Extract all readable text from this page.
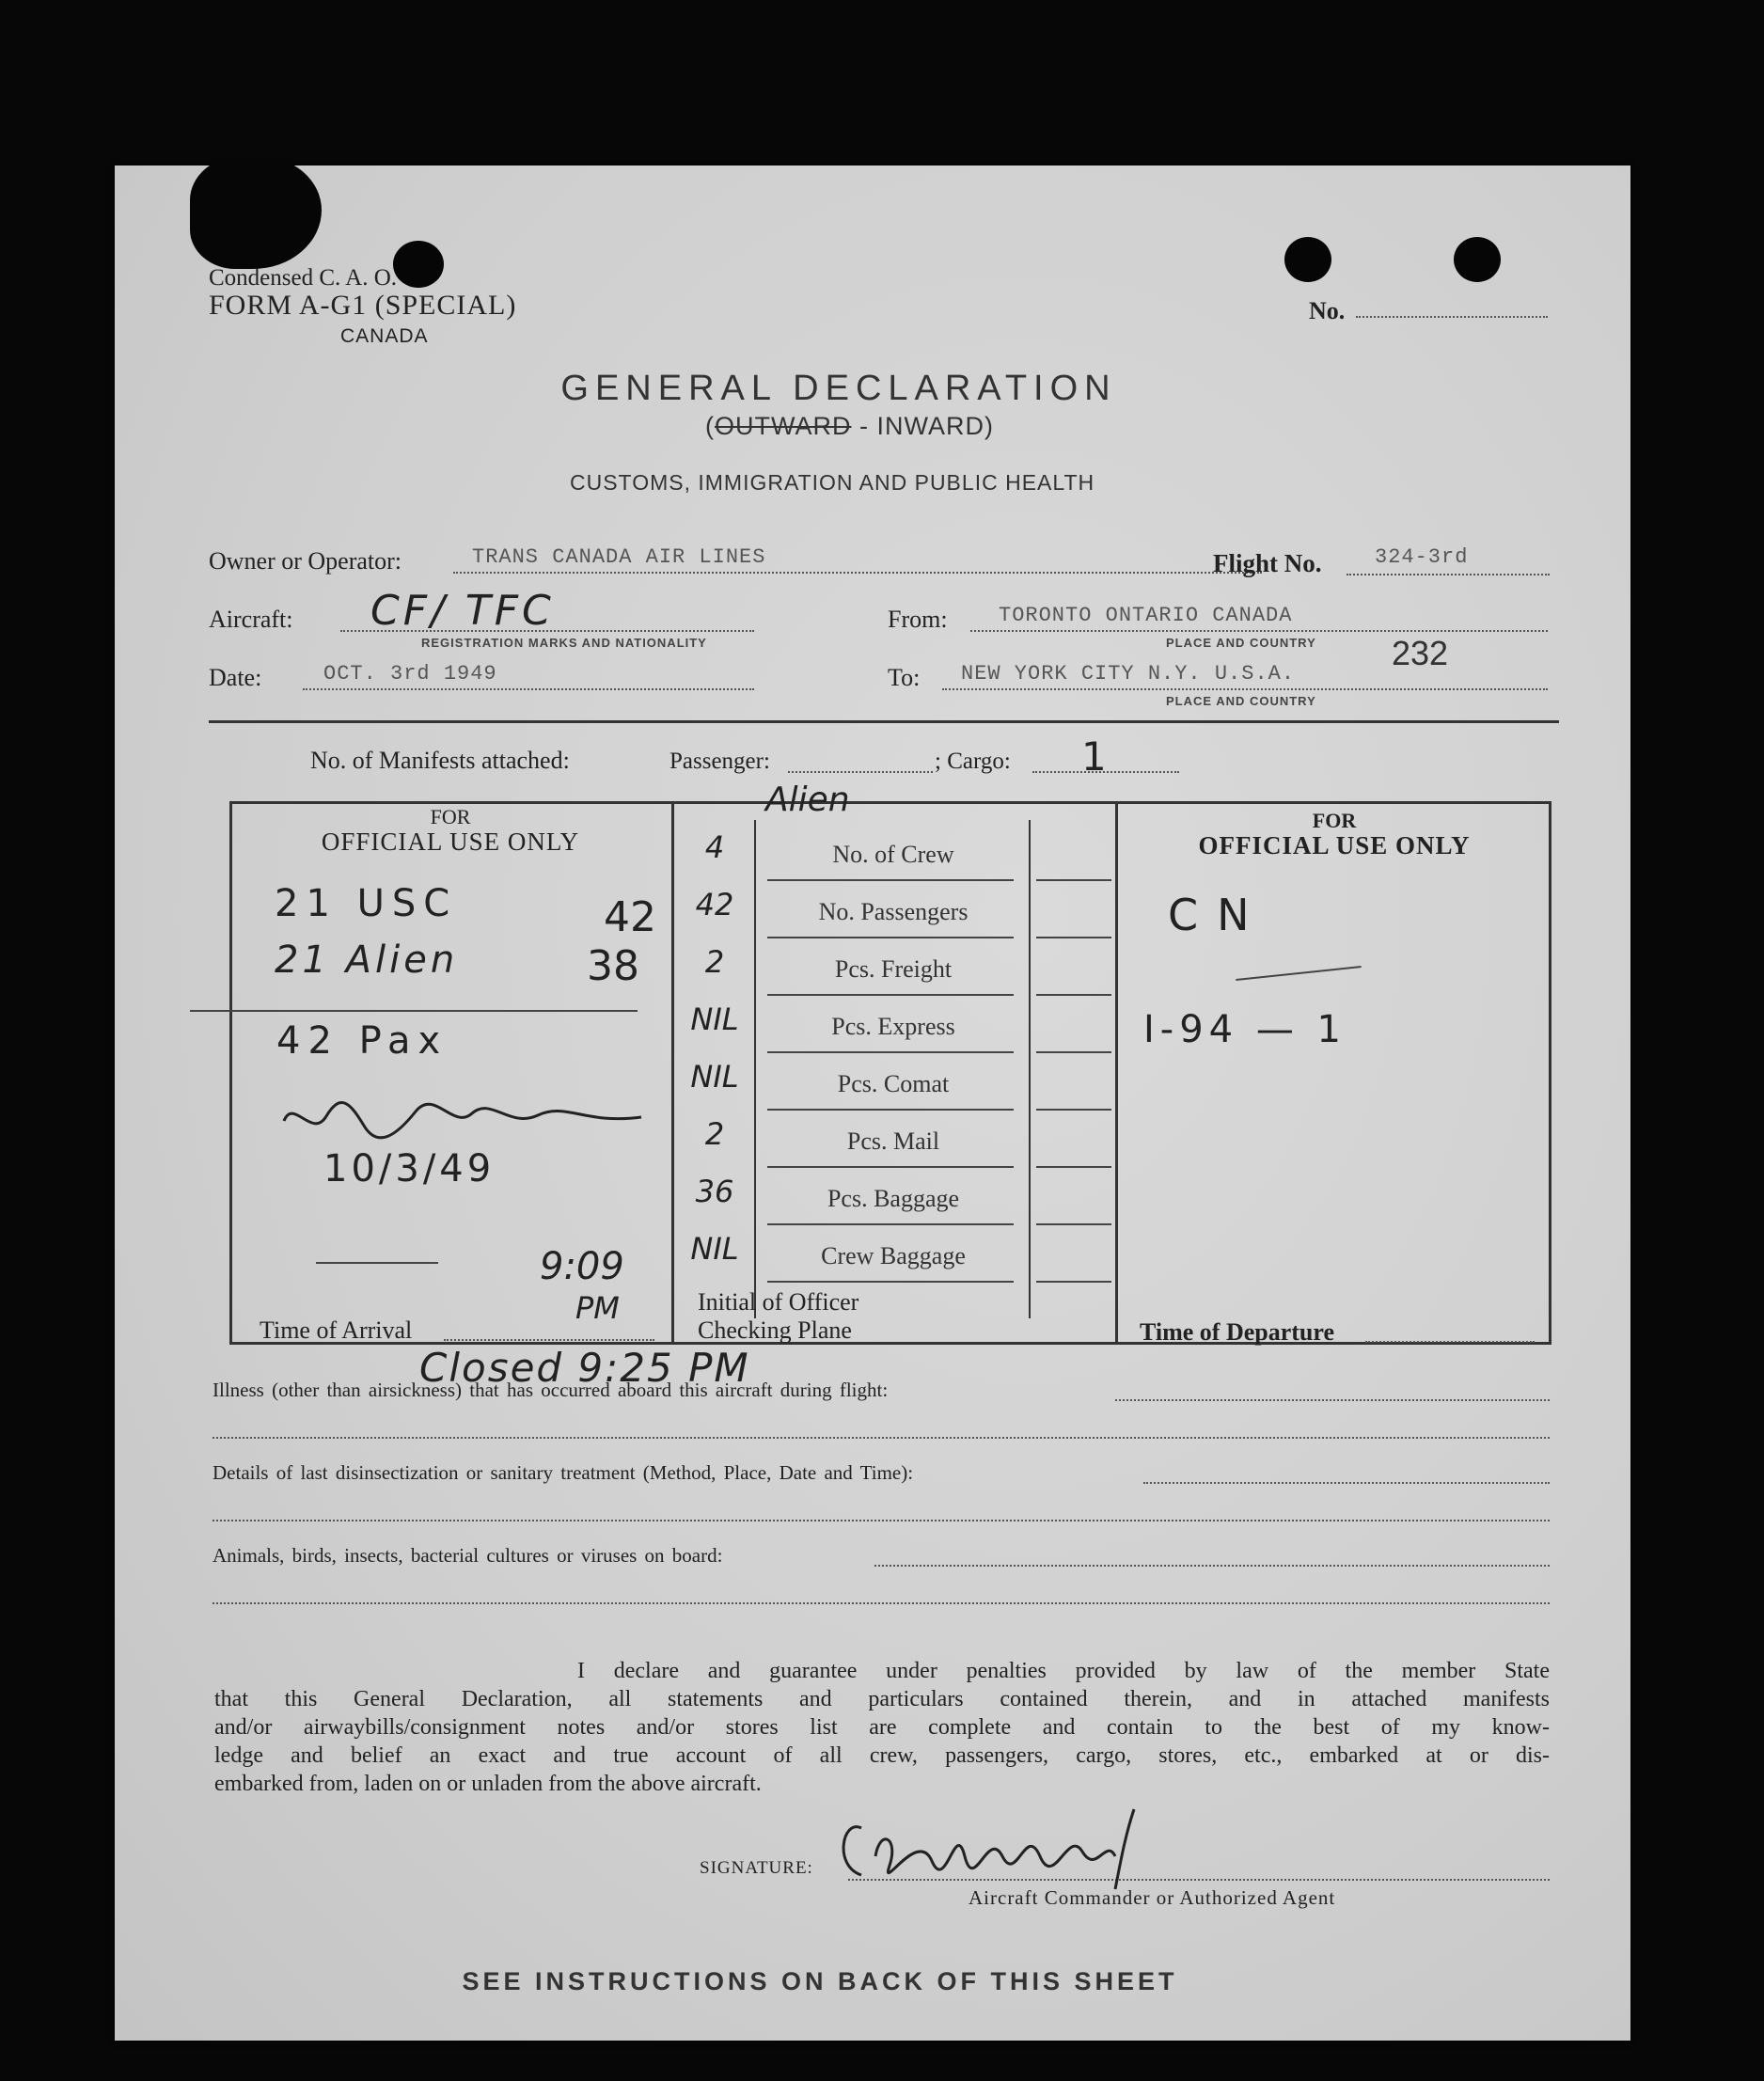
Condensed C. A. O.
FORM A-G1 (SPECIAL)
CANADA
No.
GENERAL DECLARATION
(OUTWARD - INWARD)
CUSTOMS, IMMIGRATION AND PUBLIC HEALTH
Owner or Operator:	TRANS CANADA AIR LINES	Flight No.	324-3rd
Aircraft: CF/ TFC
REGISTRATION MARKS AND NATIONALITY
From: TORONTO ONTARIO CANADA
PLACE AND COUNTRY 232
Date:	OCT. 3rd 1949	To: NEW YORK CITY N.Y. U.S.A.
PLACE AND COUNTRY
No. of Manifests attached:	Passenger:	; Cargo: 1
FOR
OFFICIAL USE ONLY
21 USC
21 Alien
42 Pax
10/3/49
42
38
9:09
PM
Time of Arrival
4	No. of Crew
42	No. Passengers
2	Pcs. Freight
NIL	Pcs. Express
NIL	Pcs. Comat
2	Pcs. Mail
36	Pcs. Baggage
NIL	Crew Baggage
Alien
Initial of Officer
Checking Plane
FOR
OFFICIAL USE ONLY
CN
I-94 — 1
Time of Departure
Closed 9:25 PM
Illness (other than airsickness) that has occurred aboard this aircraft during flight:
Details of last disinsectization or sanitary treatment (Method, Place, Date and Time):
Animals, birds, insects, bacterial cultures or viruses on board:
I declare and guarantee under penalties provided by law of the member State
that this General Declaration, all statements and particulars contained therein, and in attached manifests
and/or airwaybills/consignment notes and/or stores list are complete and contain to the best of my know-
ledge and belief an exact and true account of all crew, passengers, cargo, stores, etc., embarked at or dis-
embarked from, laden on or unladen from the above aircraft.
SIGNATURE:
Aircraft Commander or Authorized Agent
SEE INSTRUCTIONS ON BACK OF THIS SHEET
